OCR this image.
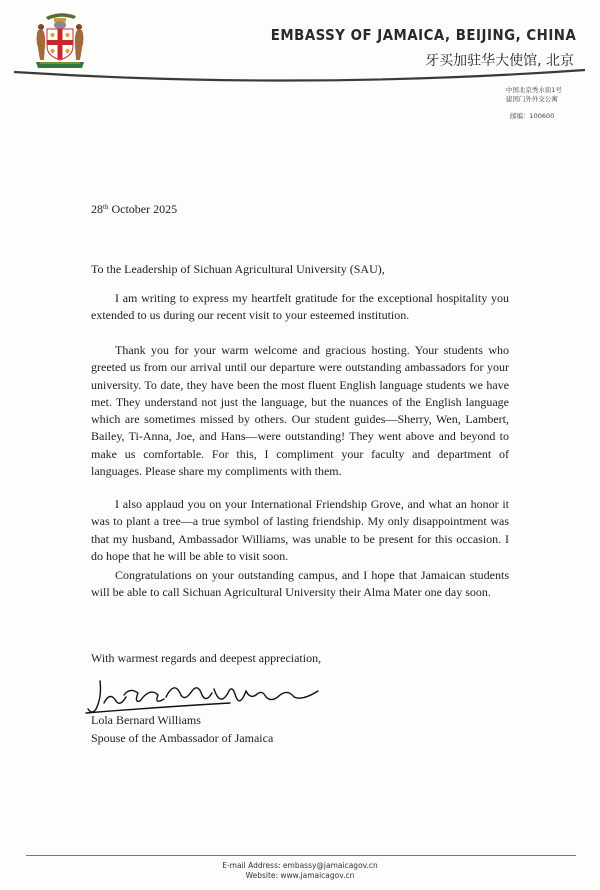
EMBASSY OF JAMAICA, BEIJING, CHINA
牙买加驻华大使馆, 北京
中国北京秀水街1号
建国门外外交公寓
邮编：100600
28th October 2025
To the Leadership of Sichuan Agricultural University (SAU),

I am writing to express my heartfelt gratitude for the exceptional hospitality you extended to us during our recent visit to your esteemed institution.

Thank you for your warm welcome and gracious hosting. Your students who greeted us from our arrival until our departure were outstanding ambassadors for your university. To date, they have been the most fluent English language students we have met. They understand not just the language, but the nuances of the English language which are sometimes missed by others. Our student guides—Sherry, Wen, Lambert, Bailey, Ti-Anna, Joe, and Hans—were outstanding! They went above and beyond to make us comfortable. For this, I compliment your faculty and department of languages. Please share my compliments with them.

I also applaud you on your International Friendship Grove, and what an honor it was to plant a tree—a true symbol of lasting friendship. My only disappointment was that my husband, Ambassador Williams, was unable to be present for this occasion. I do hope that he will be able to visit soon.

Congratulations on your outstanding campus, and I hope that Jamaican students will be able to call Sichuan Agricultural University their Alma Mater one day soon.

With warmest regards and deepest appreciation,
Lola Bernard Williams
Spouse of the Ambassador of Jamaica
E-mail Address: embassy@jamaicagov.cn
Website: www.jamaicagov.cn
